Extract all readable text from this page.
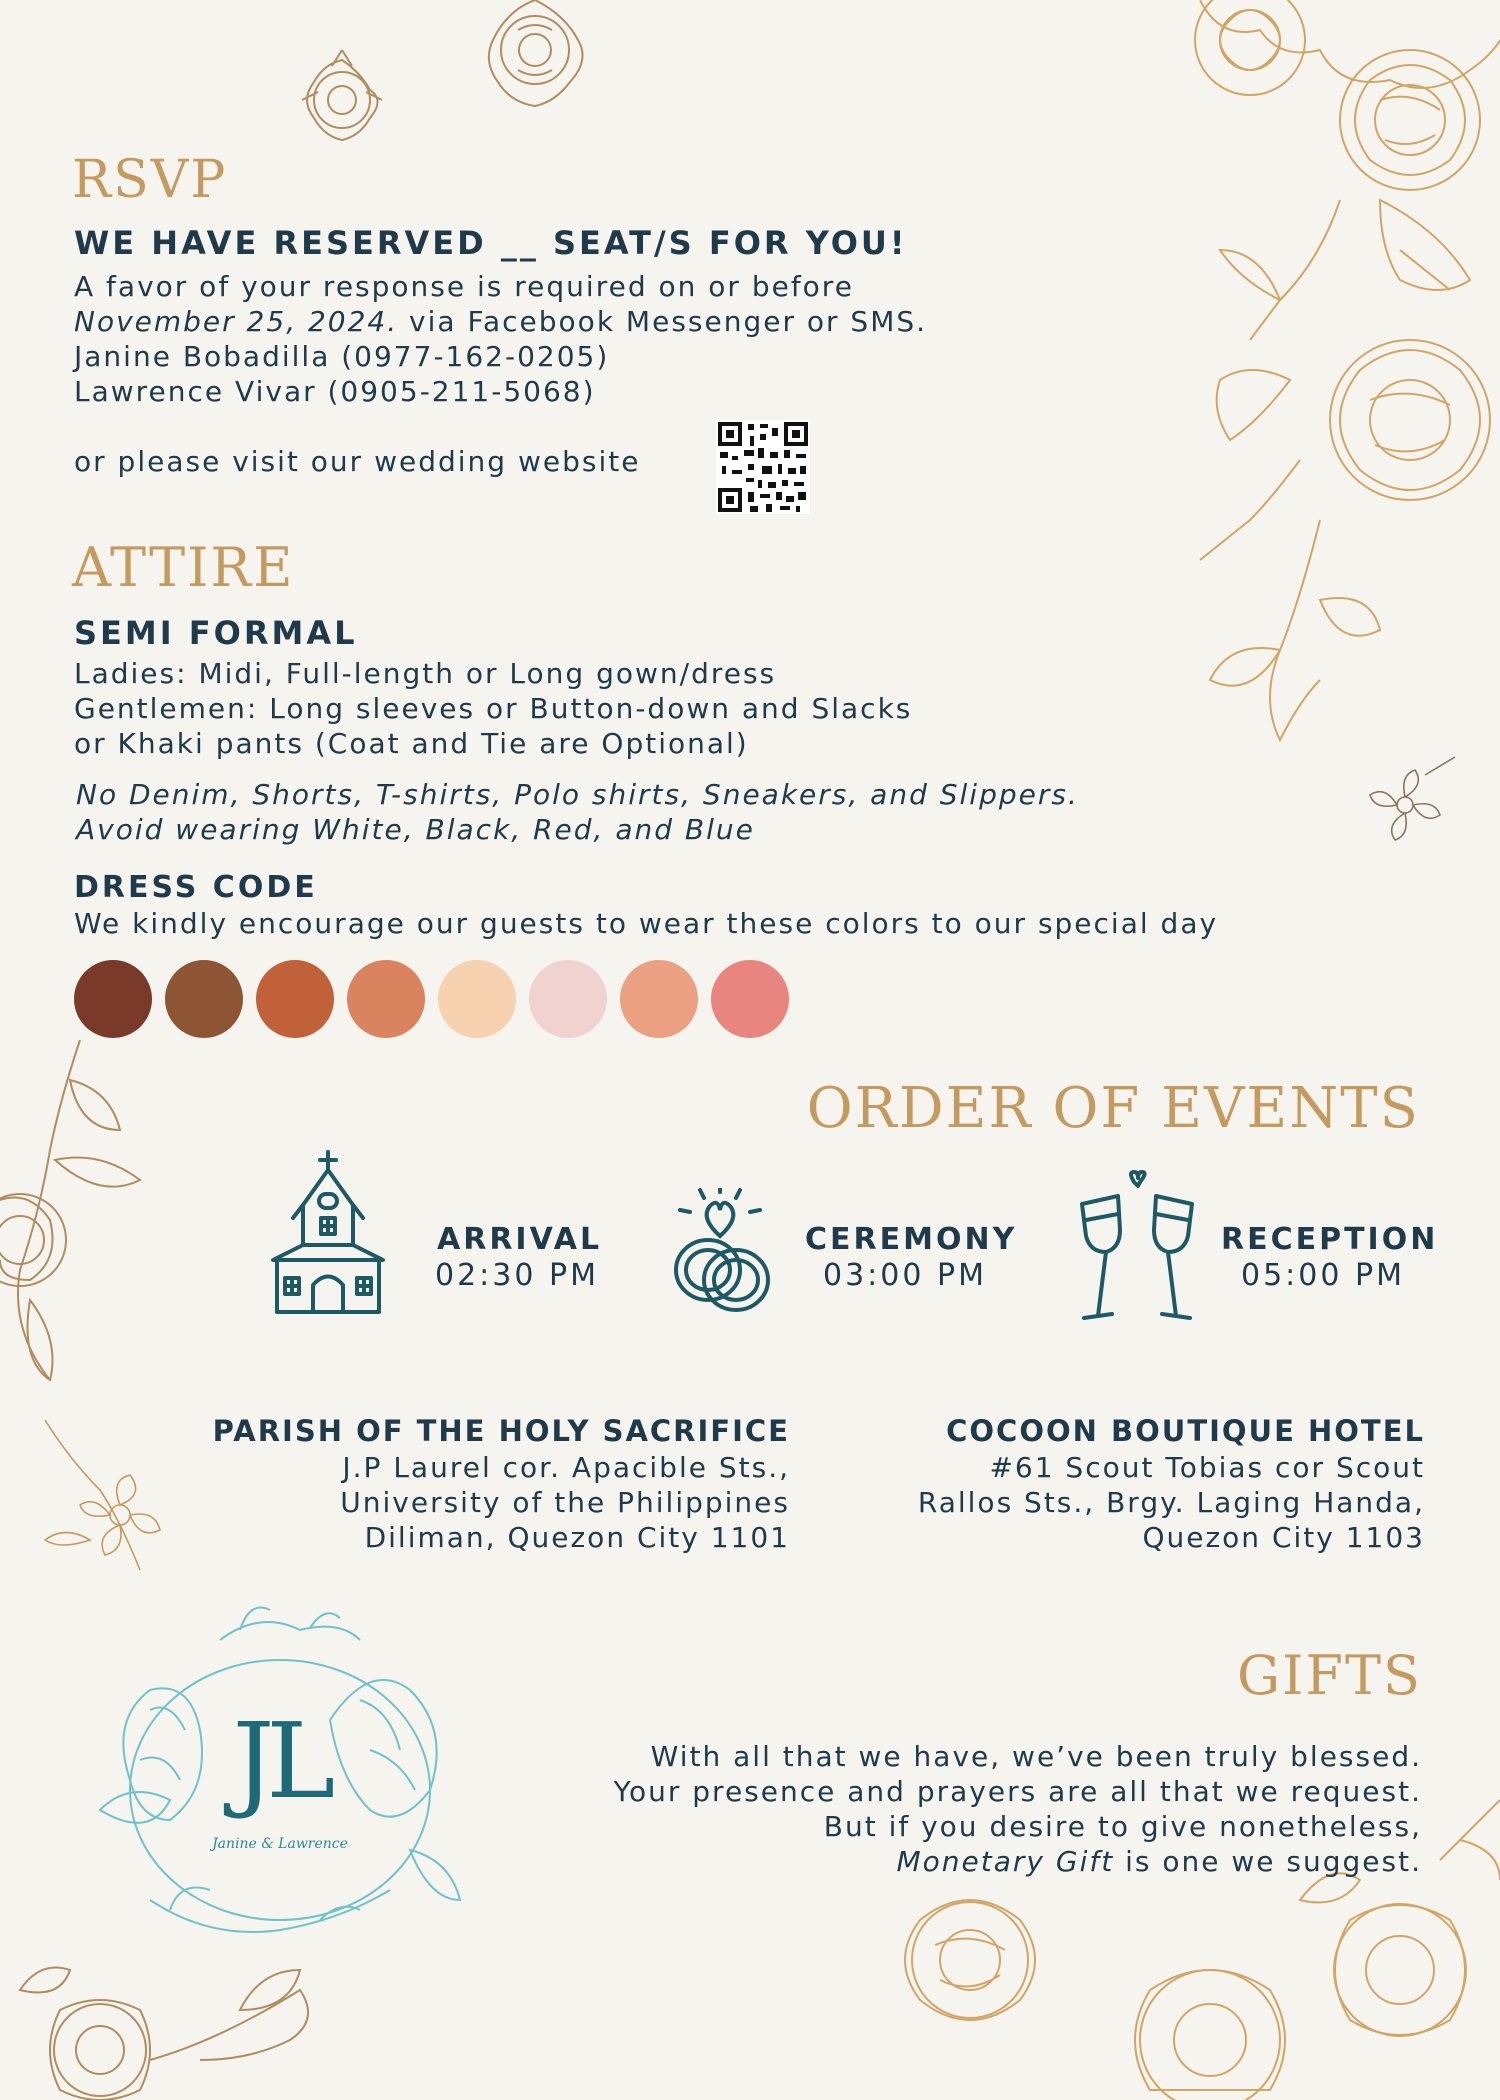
RSVP
WE HAVE RESERVED __ SEAT/S FOR YOU!
A favor of your response is required on or before
November 25, 2024. via Facebook Messenger or SMS.
Janine Bobadilla (0977-162-0205)
Lawrence Vivar (0905-211-5068)
or please visit our wedding website
ATTIRE
SEMI FORMAL
Ladies: Midi, Full-length or Long gown/dress
Gentlemen: Long sleeves or Button-down and Slacks
or Khaki pants (Coat and Tie are Optional)
No Denim, Shorts, T-shirts, Polo shirts, Sneakers, and Slippers.
Avoid wearing White, Black, Red, and Blue
DRESS CODE
We kindly encourage our guests to wear these colors to our special day
ORDER OF EVENTS
ARRIVAL
02:30 PM
CEREMONY
03:00 PM
RECEPTION
05:00 PM
PARISH OF THE HOLY SACRIFICE
J.P Laurel cor. Apacible Sts.,
University of the Philippines
Diliman, Quezon City 1101
COCOON BOUTIQUE HOTEL
#61 Scout Tobias cor Scout
Rallos Sts., Brgy. Laging Handa,
Quezon City 1103
JL
Janine & Lawrence
GIFTS
With all that we have, we’ve been truly blessed.
Your presence and prayers are all that we request.
But if you desire to give nonetheless,
Monetary Gift is one we suggest.
